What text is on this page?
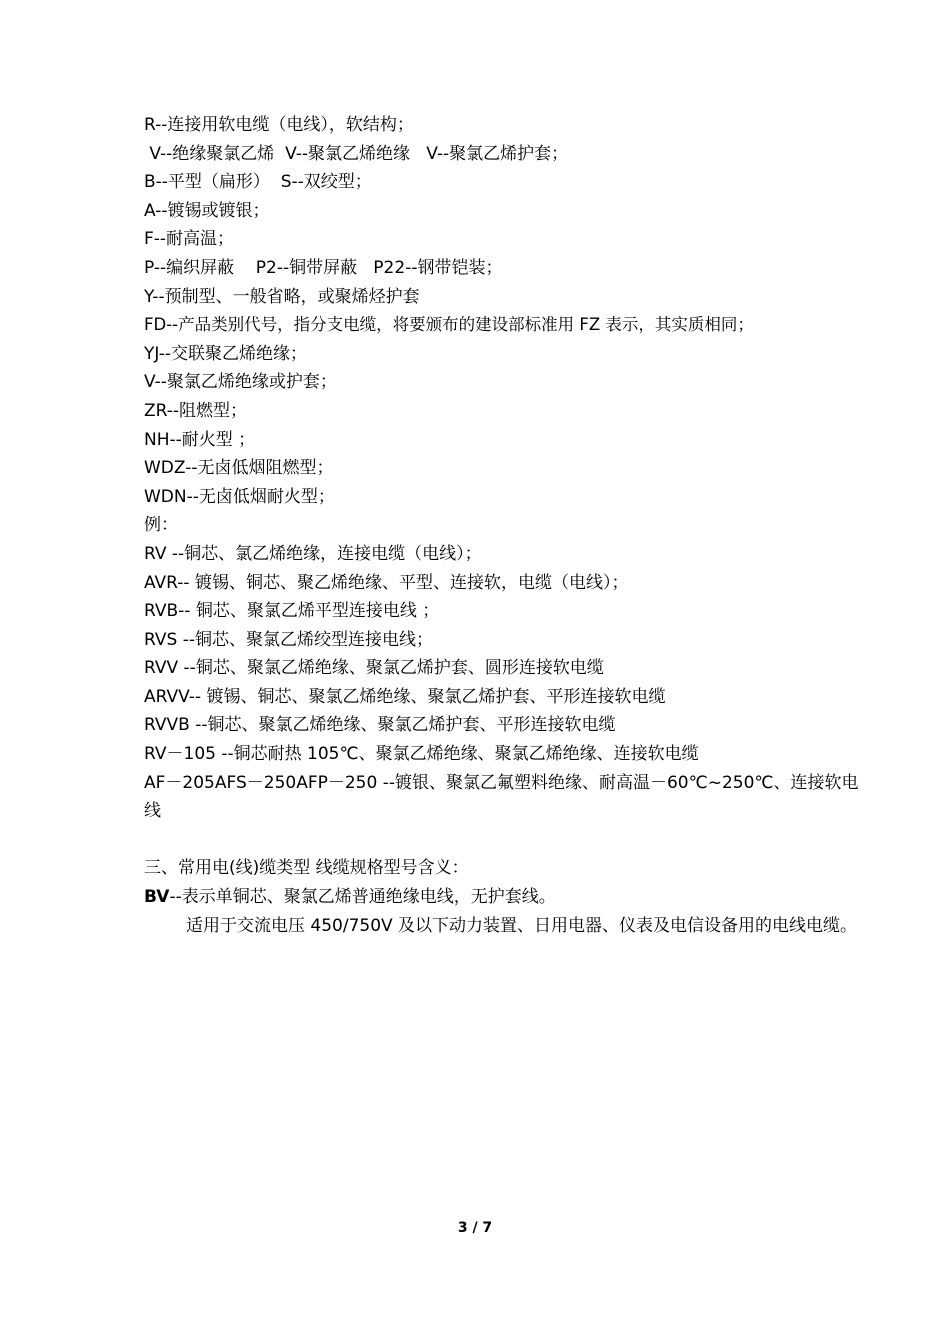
R--连接用软电缆（电线），软结构；
V--绝缘聚氯乙烯  V--聚氯乙烯绝缘   V--聚氯乙烯护套；
B--平型（扁形）  S--双绞型；
A--镀锡或镀银；
F--耐高温；
P--编织屏蔽    P2--铜带屏蔽   P22--钢带铠装；
Y--预制型、一般省略，或聚烯烃护套
FD--产品类别代号，指分支电缆，将要颁布的建设部标准用 FZ 表示，其实质相同；
YJ--交联聚乙烯绝缘；
V--聚氯乙烯绝缘或护套；
ZR--阻燃型；
NH--耐火型 ；
WDZ--无卤低烟阻燃型；
WDN--无卤低烟耐火型；
例：
RV --铜芯、氯乙烯绝缘，连接电缆（电线）；
AVR-- 镀锡、铜芯、聚乙烯绝缘、平型、连接软，电缆（电线）；
RVB-- 铜芯、聚氯乙烯平型连接电线 ；
RVS --铜芯、聚氯乙烯绞型连接电线；
RVV --铜芯、聚氯乙烯绝缘、聚氯乙烯护套、圆形连接软电缆
ARVV-- 镀锡、铜芯、聚氯乙烯绝缘、聚氯乙烯护套、平形连接软电缆
RVVB --铜芯、聚氯乙烯绝缘、聚氯乙烯护套、平形连接软电缆
RV－105 --铜芯耐热 105℃、聚氯乙烯绝缘、聚氯乙烯绝缘、连接软电缆
AF－205AFS－250AFP－250 --镀银、聚氯乙氟塑料绝缘、耐高温－60℃~250℃、连接软电线
三、常用电(线)缆类型 线缆规格型号含义：
BV--表示单铜芯、聚氯乙烯普通绝缘电线，无护套线。
适用于交流电压 450/750V 及以下动力装置、日用电器、仪表及电信设备用的电线电缆。
3 / 7
